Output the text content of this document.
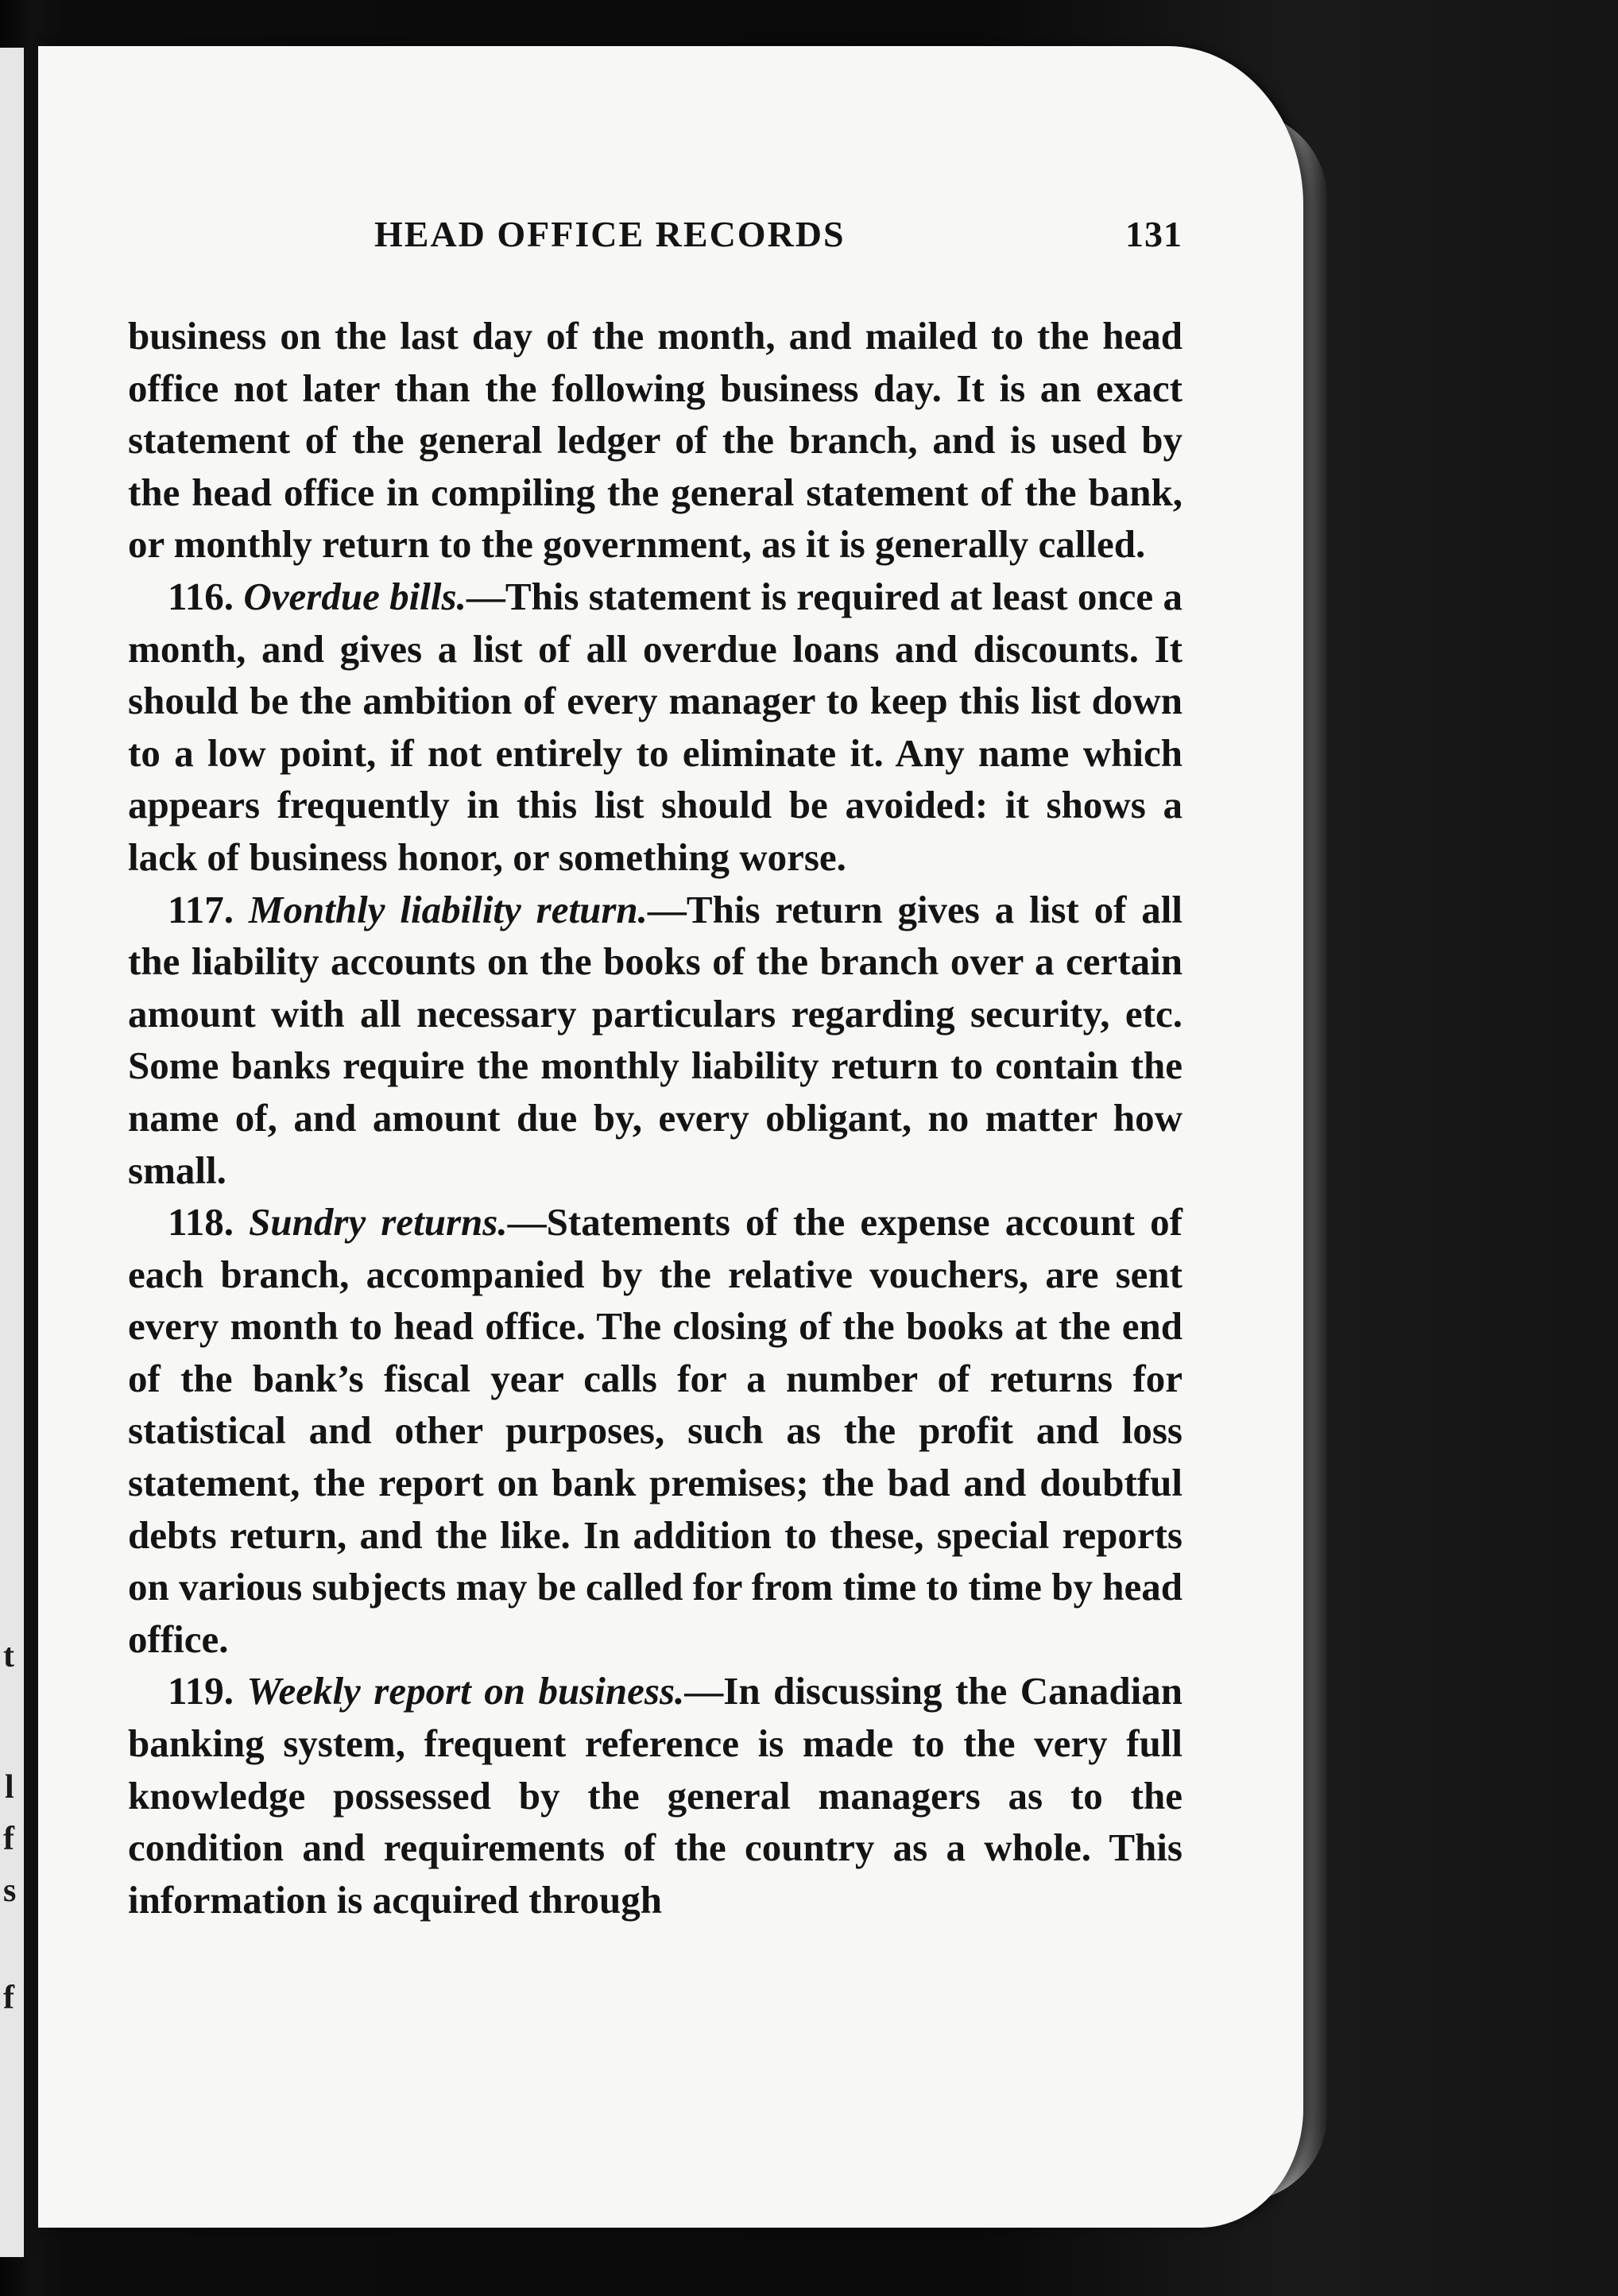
t
l
f
s
f
HEAD OFFICE RECORDS	131

business on the last day of the month, and mailed to the head office not later than the following business day. It is an exact statement of the general ledger of the branch, and is used by the head office in compiling the general statement of the bank, or monthly return to the government, as it is generally called.

116. Overdue bills.—This statement is required at least once a month, and gives a list of all overdue loans and discounts. It should be the ambition of every manager to keep this list down to a low point, if not entirely to eliminate it. Any name which appears frequently in this list should be avoided: it shows a lack of business honor, or something worse.

117. Monthly liability return.—This return gives a list of all the liability accounts on the books of the branch over a certain amount with all necessary particulars regarding security, etc. Some banks require the monthly liability return to contain the name of, and amount due by, every obligant, no matter how small.

118. Sundry returns.—Statements of the expense account of each branch, accompanied by the relative vouchers, are sent every month to head office. The closing of the books at the end of the bank’s fiscal year calls for a number of returns for statistical and other purposes, such as the profit and loss statement, the report on bank premises; the bad and doubtful debts return, and the like. In addition to these, special reports on various subjects may be called for from time to time by head office.

119. Weekly report on business.—In discussing the Canadian banking system, frequent reference is made to the very full knowledge possessed by the general managers as to the condition and requirements of the country as a whole. This information is acquired through
